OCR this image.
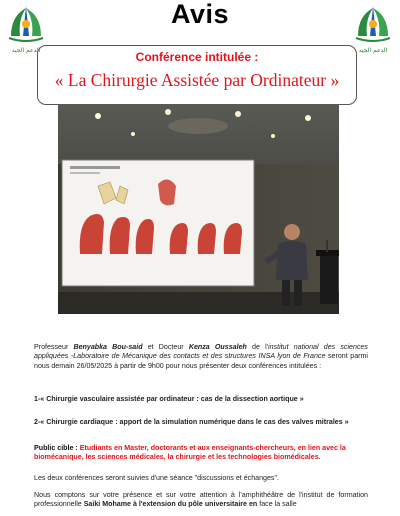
الدعم الجيد	الدعم الجيد
Avis
Conférence intitulée :
« La Chirurgie Assistée par Ordinateur »
Professeur Benyabka Bou-said et Docteur Kenza Oussaleh de l'institut national des sciences appliquées -Laboratoire de Mécanique des contacts et des structures INSA lyon de France seront parmi nous demain 26/05/2025 à partir de 9h00 pour nous présenter deux conférences intitulées :
1-« Chirurgie vasculaire assistée par ordinateur : cas de la dissection aortique »
2-« Chirurgie cardiaque : apport de la simulation numérique dans le cas des valves mitrales »
Public cible : Etudiants en Master, doctorants et aux enseignants-chercheurs, en lien avec la biomécanique, les sciences médicales, la chirurgie et les technologies biomédicales.
Les deux conférences seront suivies d'une séance "discussions et échanges".
Nous comptons sur votre présence et sur votre attention à l'amphithéâtre de l'institut de formation professionnelle Saiki Mohame à l'extension du pôle universitaire en face la salle
